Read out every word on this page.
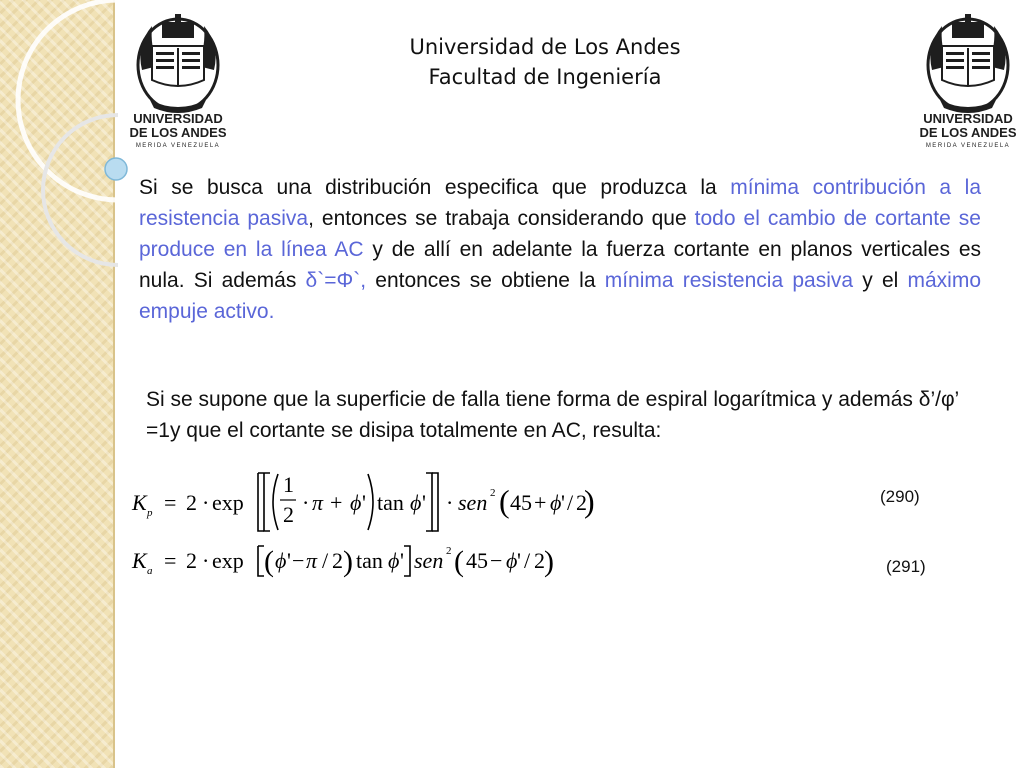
UNIVERSIDAD
DE LOS ANDES
MERIDA VENEZUELA
UNIVERSIDAD
DE LOS ANDES
MERIDA VENEZUELA
Universidad de Los Andes
Facultad de Ingeniería
Si se busca una distribución especifica que produzca la mínima contribución a la resistencia pasiva, entonces se trabaja considerando que todo el cambio de cortante se produce en la línea AC y de allí en adelante la fuerza cortante en planos verticales es nula. Si además δ`=Φ`, entonces se obtiene la mínima resistencia pasiva y el máximo empuje activo.
Si se supone que la superficie de falla tiene forma de espiral logarítmica y además δ’/φ’ =1y que el cortante se disipa totalmente en AC, resulta:
K p = 2 · exp
1
2 · π + ϕ ' tan ϕ ' · sen 2 ( 45 + ϕ ' / 2
)
K a = 2 · exp ( ϕ ' − π / 2 ) tan ϕ ' sen 2 ( 45 − ϕ ' / 2 )
(290)
(291)
